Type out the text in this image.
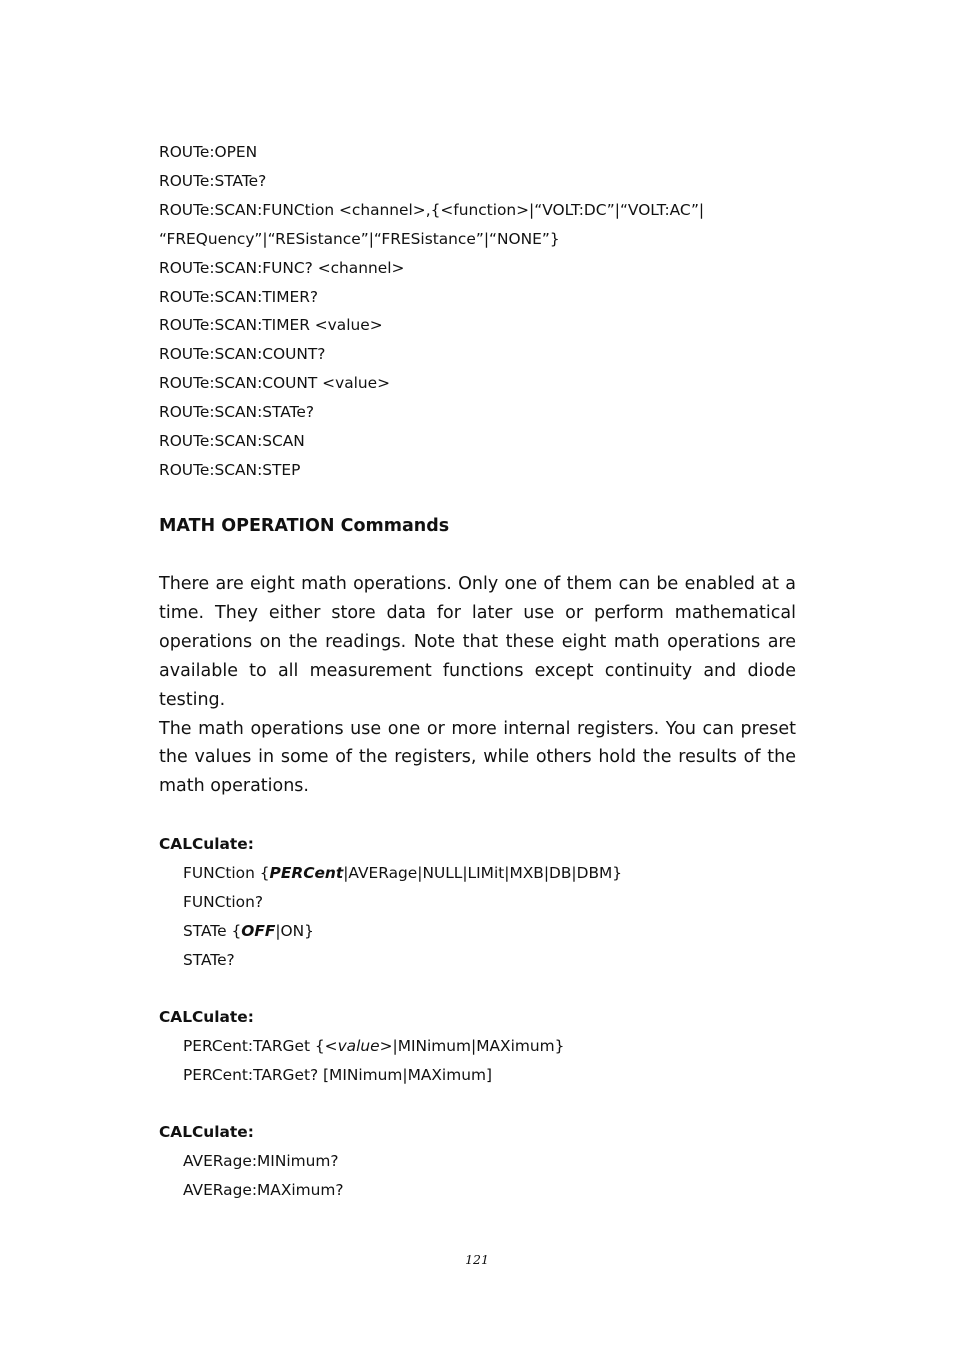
ROUTe:OPEN
ROUTe:STATe?
ROUTe:SCAN:FUNCtion <channel>,{<function>|“VOLT:DC”|“VOLT:AC”|
“FREQuency”|“RESistance”|“FRESistance”|“NONE”}
ROUTe:SCAN:FUNC? <channel>
ROUTe:SCAN:TIMER?
ROUTe:SCAN:TIMER <value>
ROUTe:SCAN:COUNT?
ROUTe:SCAN:COUNT <value>
ROUTe:SCAN:STATe?
ROUTe:SCAN:SCAN
ROUTe:SCAN:STEP
MATH OPERATION Commands

There are eight math operations. Only one of them can be enabled at a time. They either store data for later use or perform mathematical operations on the readings. Note that these eight math operations are available to all measurement functions except continuity and diode testing.

The math operations use one or more internal registers. You can preset the values in some of the registers, while others hold the results of the math operations.

CALCulate:

FUNCtion {PERCent|AVERage|NULL|LIMit|MXB|DB|DBM}
FUNCtion?
STATe {OFF|ON}
STATe?

CALCulate:

PERCent:TARGet {<value>|MINimum|MAXimum}
PERCent:TARGet? [MINimum|MAXimum]

CALCulate:

AVERage:MINimum?
AVERage:MAXimum?
121
